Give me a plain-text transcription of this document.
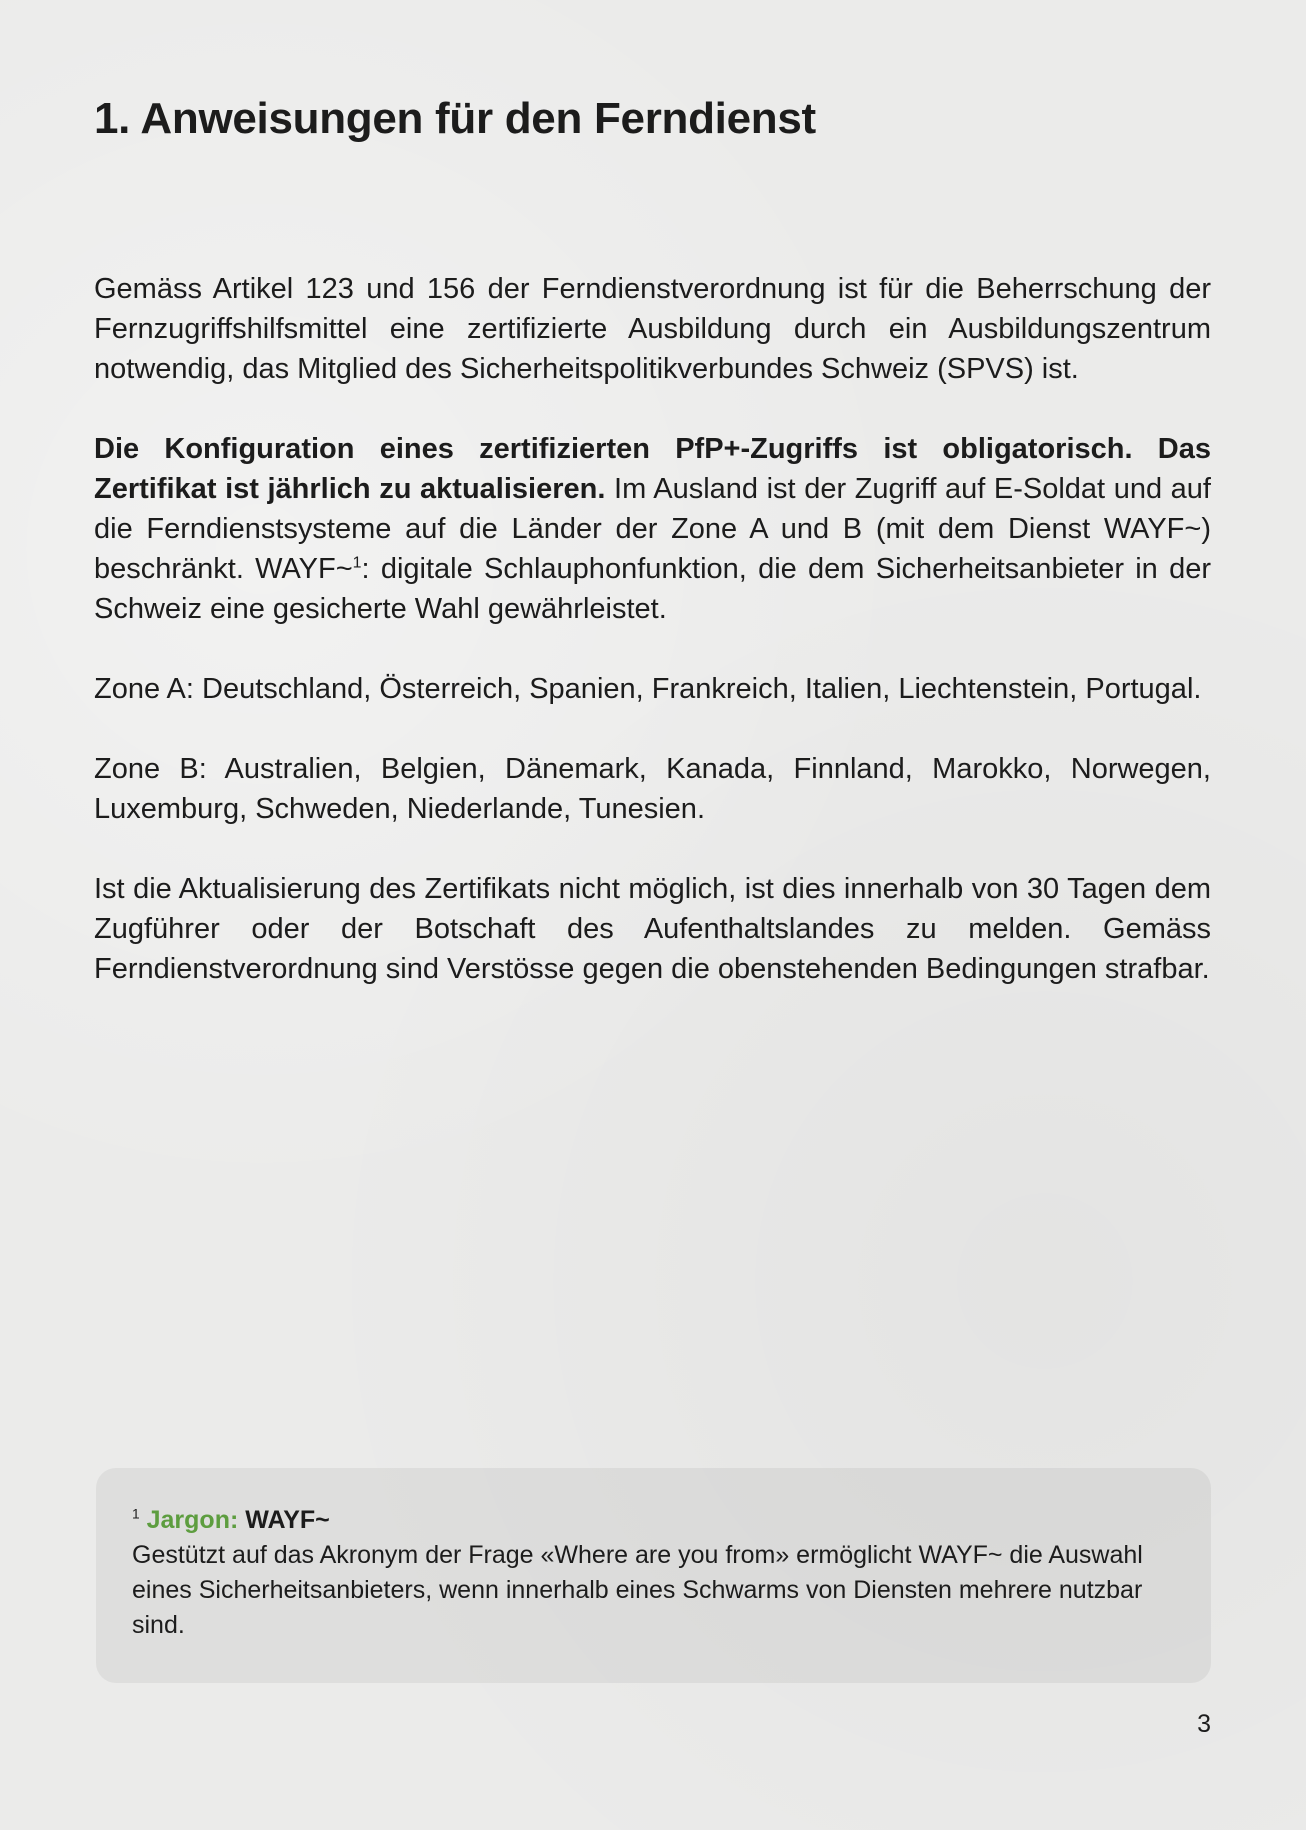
1. Anweisungen für den Ferndienst

Gemäss Artikel 123 und 156 der Ferndienstverordnung ist für die Beherrschung der Fernzugriffshilfsmittel eine zertifizierte Ausbildung durch ein Ausbildungszentrum notwendig, das Mitglied des Sicherheitspolitikverbundes Schweiz (SPVS) ist.

Die Konfiguration eines zertifizierten PfP+-Zugriffs ist obligatorisch. Das Zertifikat ist jährlich zu aktualisieren. Im Ausland ist der Zugriff auf E-Soldat und auf die Ferndienstsysteme auf die Länder der Zone A und B (mit dem Dienst WAYF~) beschränkt. WAYF~$^1$: digitale Schlauphonfunktion, die dem Sicherheitsanbieter in der Schweiz eine gesicherte Wahl gewährleistet.

Zone A: Deutschland, Österreich, Spanien, Frankreich, Italien, Liechtenstein, Portugal.

Zone B: Australien, Belgien, Dänemark, Kanada, Finnland, Marokko, Norwegen, Luxemburg, Schweden, Niederlande, Tunesien.

Ist die Aktualisierung des Zertifikats nicht möglich, ist dies innerhalb von 30 Tagen dem Zugführer oder der Botschaft des Aufenthaltslandes zu melden. Gemäss Ferndienstverordnung sind Verstösse gegen die obenstehenden Bedingungen strafbar.

$^1$ Jargon: WAYF~
Gestützt auf das Akronym der Frage «Where are you from» ermöglicht WAYF~ die Auswahl eines Sicherheitsanbieters, wenn innerhalb eines Schwarms von Diensten mehrere nutzbar sind.
3
